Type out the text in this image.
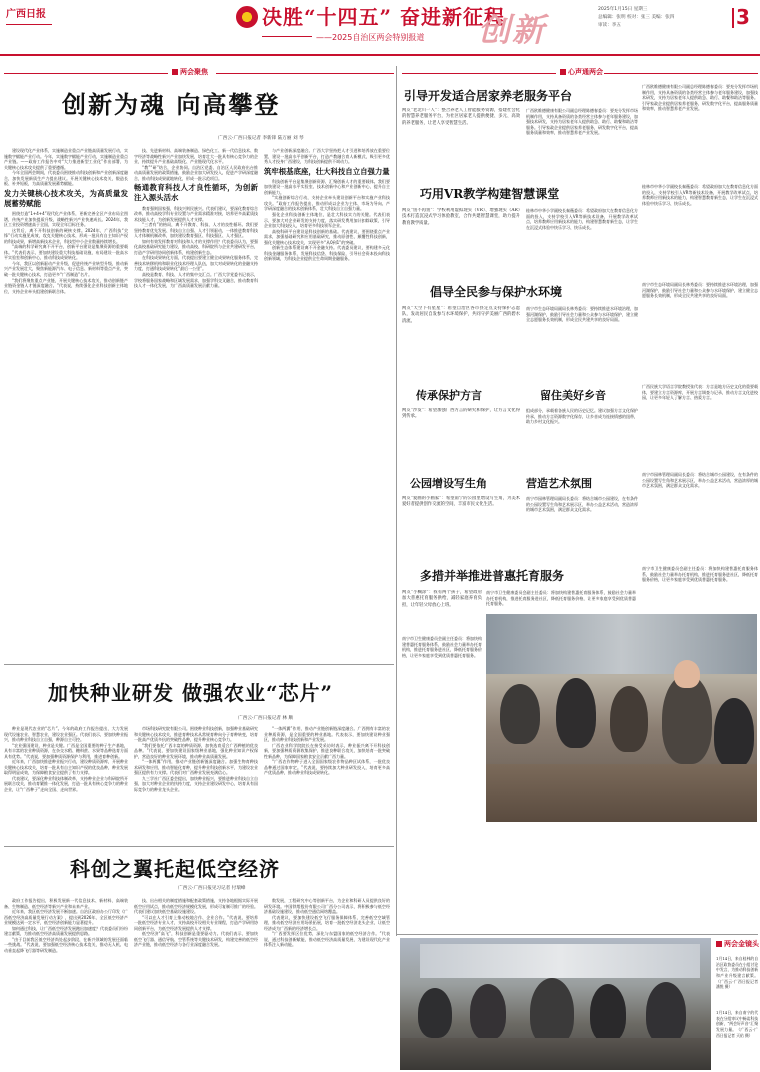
广西日报	决胜“十四五” 奋进新征程
——2025自治区两会特别报道 创新
2025年1月15日 星期三
总编辑：张明 校对：张三 美编：张四
审读：李五	3
两会聚焦
创新为魂 向高攀登
广西云-广西日报记者 李新锋 陆万丽 刘 琴

建设现代化产业体系，实施制造业重点产业链高质量发展行动，实施数字赋能产业行动。今年，实施数字赋能产业行动，实施制造业重点产业链。——政府工作报告中对“大力推进新型工业化”作出部署，为关键核心技术攻关提供了重要遵循。

今年全国两会期间，代表委员围绕推动科技创新和产业创新深度融合，加快发展新质生产力提出建议。开展关键核心技术攻关，锻造长板、补齐短板，为高质量发展蓄势赋能。

发力关键核心技术攻关，为高质量发展蓄势赋能

围绕打造“1+4+4”现代化产业体系，更新完善全区产业布局全图谱，传统产业加快提质升级，战略性新兴产业快速成长。2024年，我区工业投资增速高于全国，实现全年目标任务。

这背后，离不开科技创新的硬核支撑。2024年，广西科技“尖锋”行动实施见成效，攻克关键核心技术，形成一批具有自主知识产权的科技成果，新增高新技术企业，科技型中小企业数量持续增长。

“高端的科学研究离不开平台，创新平台建设是集聚资源的重要载体。”代表们表示，要加快建设重大科技基础设施，布局建设一批高水平实验室和创新中心，推动科技成果转化。

今年，我区以创新驱动产业升级，促进传统产业转型升级，推动新兴产业发展壮大，聚焦新能源汽车、电子信息、新材料等重点产业，突破一批关键核心技术，打造更多“广西制造”名片。

“我们将聚焦重点产业链，开展关键核心技术攻关，推动创新链产业链资金链人才链深度融合。”代表说，持续强化企业科技创新主体地位，支持企业牵头组建创新联合体。

技、先进新材料、高端装备制造、绿色化工、新一代信息技术、数字经济等战略性新兴产业加快发展，培育壮大一批具有核心竞争力的企业，持续提升产业基础高级化、产业链现代化水平。

“教”“研”结合，企业协同。自治区党委、自治区人民政府出台推动高质量发展的政策措施，鼓励企业加大研发投入，促进产学研深度融合，推动科技成果就地转化，形成一批示范项目。

畅通教育科技人才良性循环，为创新注入源头活水

教育强则国家强，科技兴则民族兴。代表们建议，要深化教育综合改革，推动高校学科专业设置与产业需求精准对接，培养更多高素质技术技能人才，为创新发展提供人才支撑。

“三者有”的格局，离不开教育、科技、人才的良性循环。我们要坚持教育优先发展、科技自立自强、人才引领驱动，一体推进教育科技人才体制机制改革，加快建设教育强区、科技强区、人才强区。

如何有效发挥教育对科技和人才的支撑作用？代表委员认为，要强化高校基础研究能力建设，推动高校、科研院所与企业共建研发平台，打造产学研用协同创新体系，构建创新生态。

在科技成果转化方面，代表提出要建立健全成果转化服务体系，完善技术转移机构和职业化技术经理人队伍，加大对成果转化的金融支持力度，打通科技成果转化“最后一公里”。

高校是教育、科技、人才的集中交汇点。广西大学党委书记表示，学校将服务国家战略和区域发展需求，加强学科交叉融合，推动教育科技人才一体化发展，为广西高质量发展贡献力量。

与产业创新深度融合。广西大学坚持把人才引进和培养放在重要位置，建设一批高水平创新平台，打造产教融合育人新模式，吸引更多优秀人才投身广西建设，为科技创新提供不竭动力。

筑牢根基底座，壮大科技自立自强力量

科技创新平台是集聚创新资源、汇聚创新人才的重要载体。我们要加快建设一批高水平实验室、技术创新中心和产业创新中心，提升自主创新能力。

“实施创新综合行动，支持企业牵头建设创新平台和实施产业科技攻关。”政府工作报告提出，推动形成以企业为主体、市场为导向、产学研深度融合的技术创新体系，壮大科技自立自强力量。

强化企业科技创新主体地位，是壮大科技实力的关键。代表们表示，要加大对企业研发的支持力度，落实研发费用加计扣除政策，引导企业加大科技投入，培育更多科技领军企业。

高校科研平台建设是科技创新的基础。代表建议，要围绕重点产业需求，加强基础研究和应用基础研究，推动原创性、颠覆性科技创新，强化关键核心技术攻关，实现更多“从0到1”的突破。

创新生态体系建设离不开金融支持。代表委员建议，要构建多元化科技金融服务体系，发展科技信贷、科技保险，引导社会资本投向科技创新领域，为科技企业提供全生命周期金融服务。

加快种业研发 做强农业“芯片”
广西云-广西日报记者 林 顺

种业是现代农业的“芯片”。今年的政府工作报告提出，大力发展现代设施农业、智慧农业，建设农业强区。代表们表示，要加快种业振兴，推动种业科技自立自强，种源自主可控。

“农业强国建设，种业是关键。广西是全国重要的种子生产基地，具有丰富的农业种质资源，在杂交水稻、糖料蔗、水果等品种选育方面具有优势。”代表说，要加强种质资源保护与利用，推进育种创新。

近年来，广西加快推进种业振兴行动，建设种质资源库，开展种业关键核心技术攻关，培育一批具有自主知识产权的优良品种，种业发展取得明显成效，为保障粮食安全提供了有力支撑。

代表建议，要深化种业科技体制改革，支持种业企业与科研院所开展联合攻关，推动育繁推一体化发展，打造一批具有核心竞争力的种业企业，让“广西种子”走向全国、走向世界。

市场科技研究院有限公司。围绕种业科技创新，加强种业基础研究和关键核心技术攻关，推进育种技术从常规育种向分子育种转变，培育一批高产优质多抗的突破性品种，提升种业核心竞争力。

“我们要依托广西丰富的种质资源，加快选育适合广西种植的优良品种。”代表说，要加快建设国家级种业基地，强化种业知识产权保护，营造良好的种业发展环境，推动种业高质量发展。

“一体两翼”作用，推动产业链创新链深度融合。加强生物育种技术研发和应用，推动智能化育种，提升种业科技创新水平，为建设农业强区提供有力支撑。代表们对广西种业发展充满信心。

九三学社广西区委会提出，加快种业振兴，要推进种业科技自立自强，加大对种业企业的扶持力度，支持企业建设研发中心，培育具有国际竞争力的种业龙头企业。

“一体两翼”作用，推动产业链创新链深度融合。广西拥有丰富的农业种质资源，是全国重要的种业基地。代表表示，要加快建设种业强区，推动种业科技创新和产业发展。

广西农业科学院院长在接受采访时表示，种业振兴离不开科技创新，要加强种质资源收集保护，推进良种联合攻关，加快培育一批突破性新品种，为保障国家粮食安全贡献广西力量。

“广西农作物种子进入全国国家级农作物品种区试体系，一批优良品种通过国家审定。”代表说，要持续加大种业研发投入，培育更多高产优质品种，推动种业科技成果转化。

科创之翼托起低空经济
广西云-广西日报见习记者 付瑞峰

政府工作报告提出，积极发展新一代信息技术、新材料、高端装备、生物制造、低空经济等新兴产业和未来产业。

近年来，我区低空经济发展不断加速。自治区政府办公厅印发《广西低空经济高质量发展行动方案》，提出到2026年，全区低空经济产业规模达到一定水平，低空经济创新能力显著提升。

如何通过科技，让广西低空经济发展跑出加速度？代表委员们纷纷建言献策，为推动低空经济高质量发展提供思路。

“由于目前我区低空经济尚处起步阶段，在新兴领域的发展还面临一些挑战。”代表说，要加强低空经济核心技术攻关，推动无人机、电动垂直起降飞行器等研发制造。

技、出台相关的制度措施和配套政策措施，支持各地根据实际开展低空应用试点，推动低空经济规模化发展，形成可复制可推广的经验。代表们建议加快低空基础设施建设。

“可以在人才引育上推动校地合作、企业合作。”代表说，要培养一批低空经济专业人才，支持高校开设相关专业课程，打造产学研用协同创新平台，为低空经济发展提供人才支撑。

低空经济“高飞”，科技创新是重要驱动力。代表们表示，要加快低空飞行器、通信导航、空管系统等关键技术研发，构建完善的低空经济产业链，推动低空经济与各行业深度融合发展。

数发展，工程研究中心等创新平台，为企业和科研人员提供良好的研发环境。中国铁塔股份有限公司广西分公司表示，将积极参与低空经济基础设施建设，推动低空通信网络覆盖。

代表建议，要加快建设低空飞行服务保障体系，完善低空空域管理，推动低空经济应用场景拓展，培育一批低空经济龙头企业，让低空经济成为广西新的经济增长点。

“广西要发挥区位优势，深化与东盟国家的低空经济合作。”代表说，通过科技创新赋能，推动低空经济高质量发展，为建设现代化产业体系注入新动能。

心声通两会
引导开发适合居家养老服务平台
网友“老北川一人”：整合养老人工智能服务资源，搭建社会化的智慧养老服务平台，为社区居家老人提供便捷、多元、高效的养老服务，让老人享受智慧生活。
广西欧维德健康有限公司副总经理陈德春委员：要充分发挥市场机制作用，支持具备资质的各类经营主体参与老年服务建设，加强技术研发，支持为居家老年人提供助急、助行、助餐和助洁等服务。引导家政企业提供居家养老服务，研发数字化平台，提高服务质量和效率，推动智慧养老产业发展。
广西欧维德健康有限公司副总经理陈德春委员：要充分发挥市场机制作用，支持具备资质的各类经营主体参与老年服务建设，加强技术研发，支持为居家老年人提供助急、助行、助餐和助洁等服务。引导家政企业提供居家养老服务，研发数字化平台，提高服务质量和效率，推动智慧养老产业发展。
巧用VR教学构建智慧课堂
网友“鱼不再鱼”：学校利用虚拟现实（VR）、增强现实（AR）技术打造沉浸式学习体验教室，合作共建智慧课堂，助力提升教育教学质量。
桂林市中华小学副校长秦薇委员：希望政府加大在教育信息化方面的投入，支持学校引入VR等新技术设备，开展教学改革试点，培养教师应用新技术的能力，构建智慧教育新生态，让学生在沉浸式体验中快乐学习、快乐成长。
桂林市中华小学副校长秦薇委员：希望政府加大在教育信息化方面的投入，支持学校引入VR等新技术设备，开展教学改革试点，培养教师应用新技术的能力，构建智慧教育新生态，让学生在沉浸式体验中快乐学习、快乐成长。
倡导全民参与保护水环境
网友“天空下有星星”：希望自治区各市县定点支持保护志愿队，发动居民自发参与水环境保护，共同守护美丽广西的碧水清流。
南宁市生态环境局副局长林秀委员：要持续推进水环境治理，加强河湖保护，鼓励引导社会力量和公众参与水环境保护，建立健全志愿服务长效机制，形成全民共建共享的良好局面。
南宁市生态环境局副局长林秀委员：要持续推进水环境治理，加强河湖保护，鼓励引导社会力量和公众参与水环境保护，建立健全志愿服务长效机制，形成全民共建共享的良好局面。
传承保护方言	留住美好乡音
网友“沙发”：希望加强广西方言的研究和保护，让方言文化得到传承。
组成部分，承载着各族人民的历史记忆。建议加强方言文化保护传承，推动方言资源数字化保存，让乡音成为连接情感的纽带，助力乡村文化振兴。
广西民族大学语言学院教授张代表：方言是地方历史文化的重要载体，要建立方言资源库，开展方言调查与记录，推动方言文化进校园，让更多年轻人了解方言、热爱方言。
公园增设写生角	营造艺术氛围
网友“爱画的小画家”：希望南宁的公园里增设写生角，为美术爱好者提供创作交流的空间，丰富市民文化生活。
南宁市园林管理局副局长委员：将结合城市公园建设，在有条件的公园设置写生角和艺术展示区，举办公益艺术活动，营造浓厚的城市艺术氛围，满足群众文化需求。
南宁市园林管理局副局长委员：将结合城市公园建设，在有条件的公园设置写生角和艺术展示区，举办公益艺术活动，营造浓厚的城市艺术氛围，满足群众文化需求。
多措并举推进普惠托育服务
网友“小糊涂”：我有两个孩子，希望政府加大普惠托育服务供给，减轻家庭养育负担，让年轻父母放心上班。
南宁市卫生健康委员会副主任委员：将加快构建普惠托育服务体系，鼓励社会力量举办托育机构，推进托育服务进社区，降低托育服务价格，让更多家庭享受到优质普惠托育服务。
南宁市卫生健康委员会副主任委员：将加快构建普惠托育服务体系，鼓励社会力量举办托育机构，推进托育服务进社区，降低托育服务价格，让更多家庭享受到优质普惠托育服务。
南宁市卫生健康委员会副主任委员：将加快构建普惠托育服务体系，鼓励社会力量举办托育机构，推进托育服务进社区，降低托育服务价格，让更多家庭享受到优质普惠托育服务。
两会金镜头
1月14日，来自桂林的自治区政协委员在小组讨论中发言，为推动科技创新和产业升级建言献策。（广西云-广西日报记者 潘悦 摄）
1月14日，来自南宁的代表在分组审议中畅谈科技创新，“两会好声音”汇聚发展力量。（广西云-广西日报记者 天佑 摄）
